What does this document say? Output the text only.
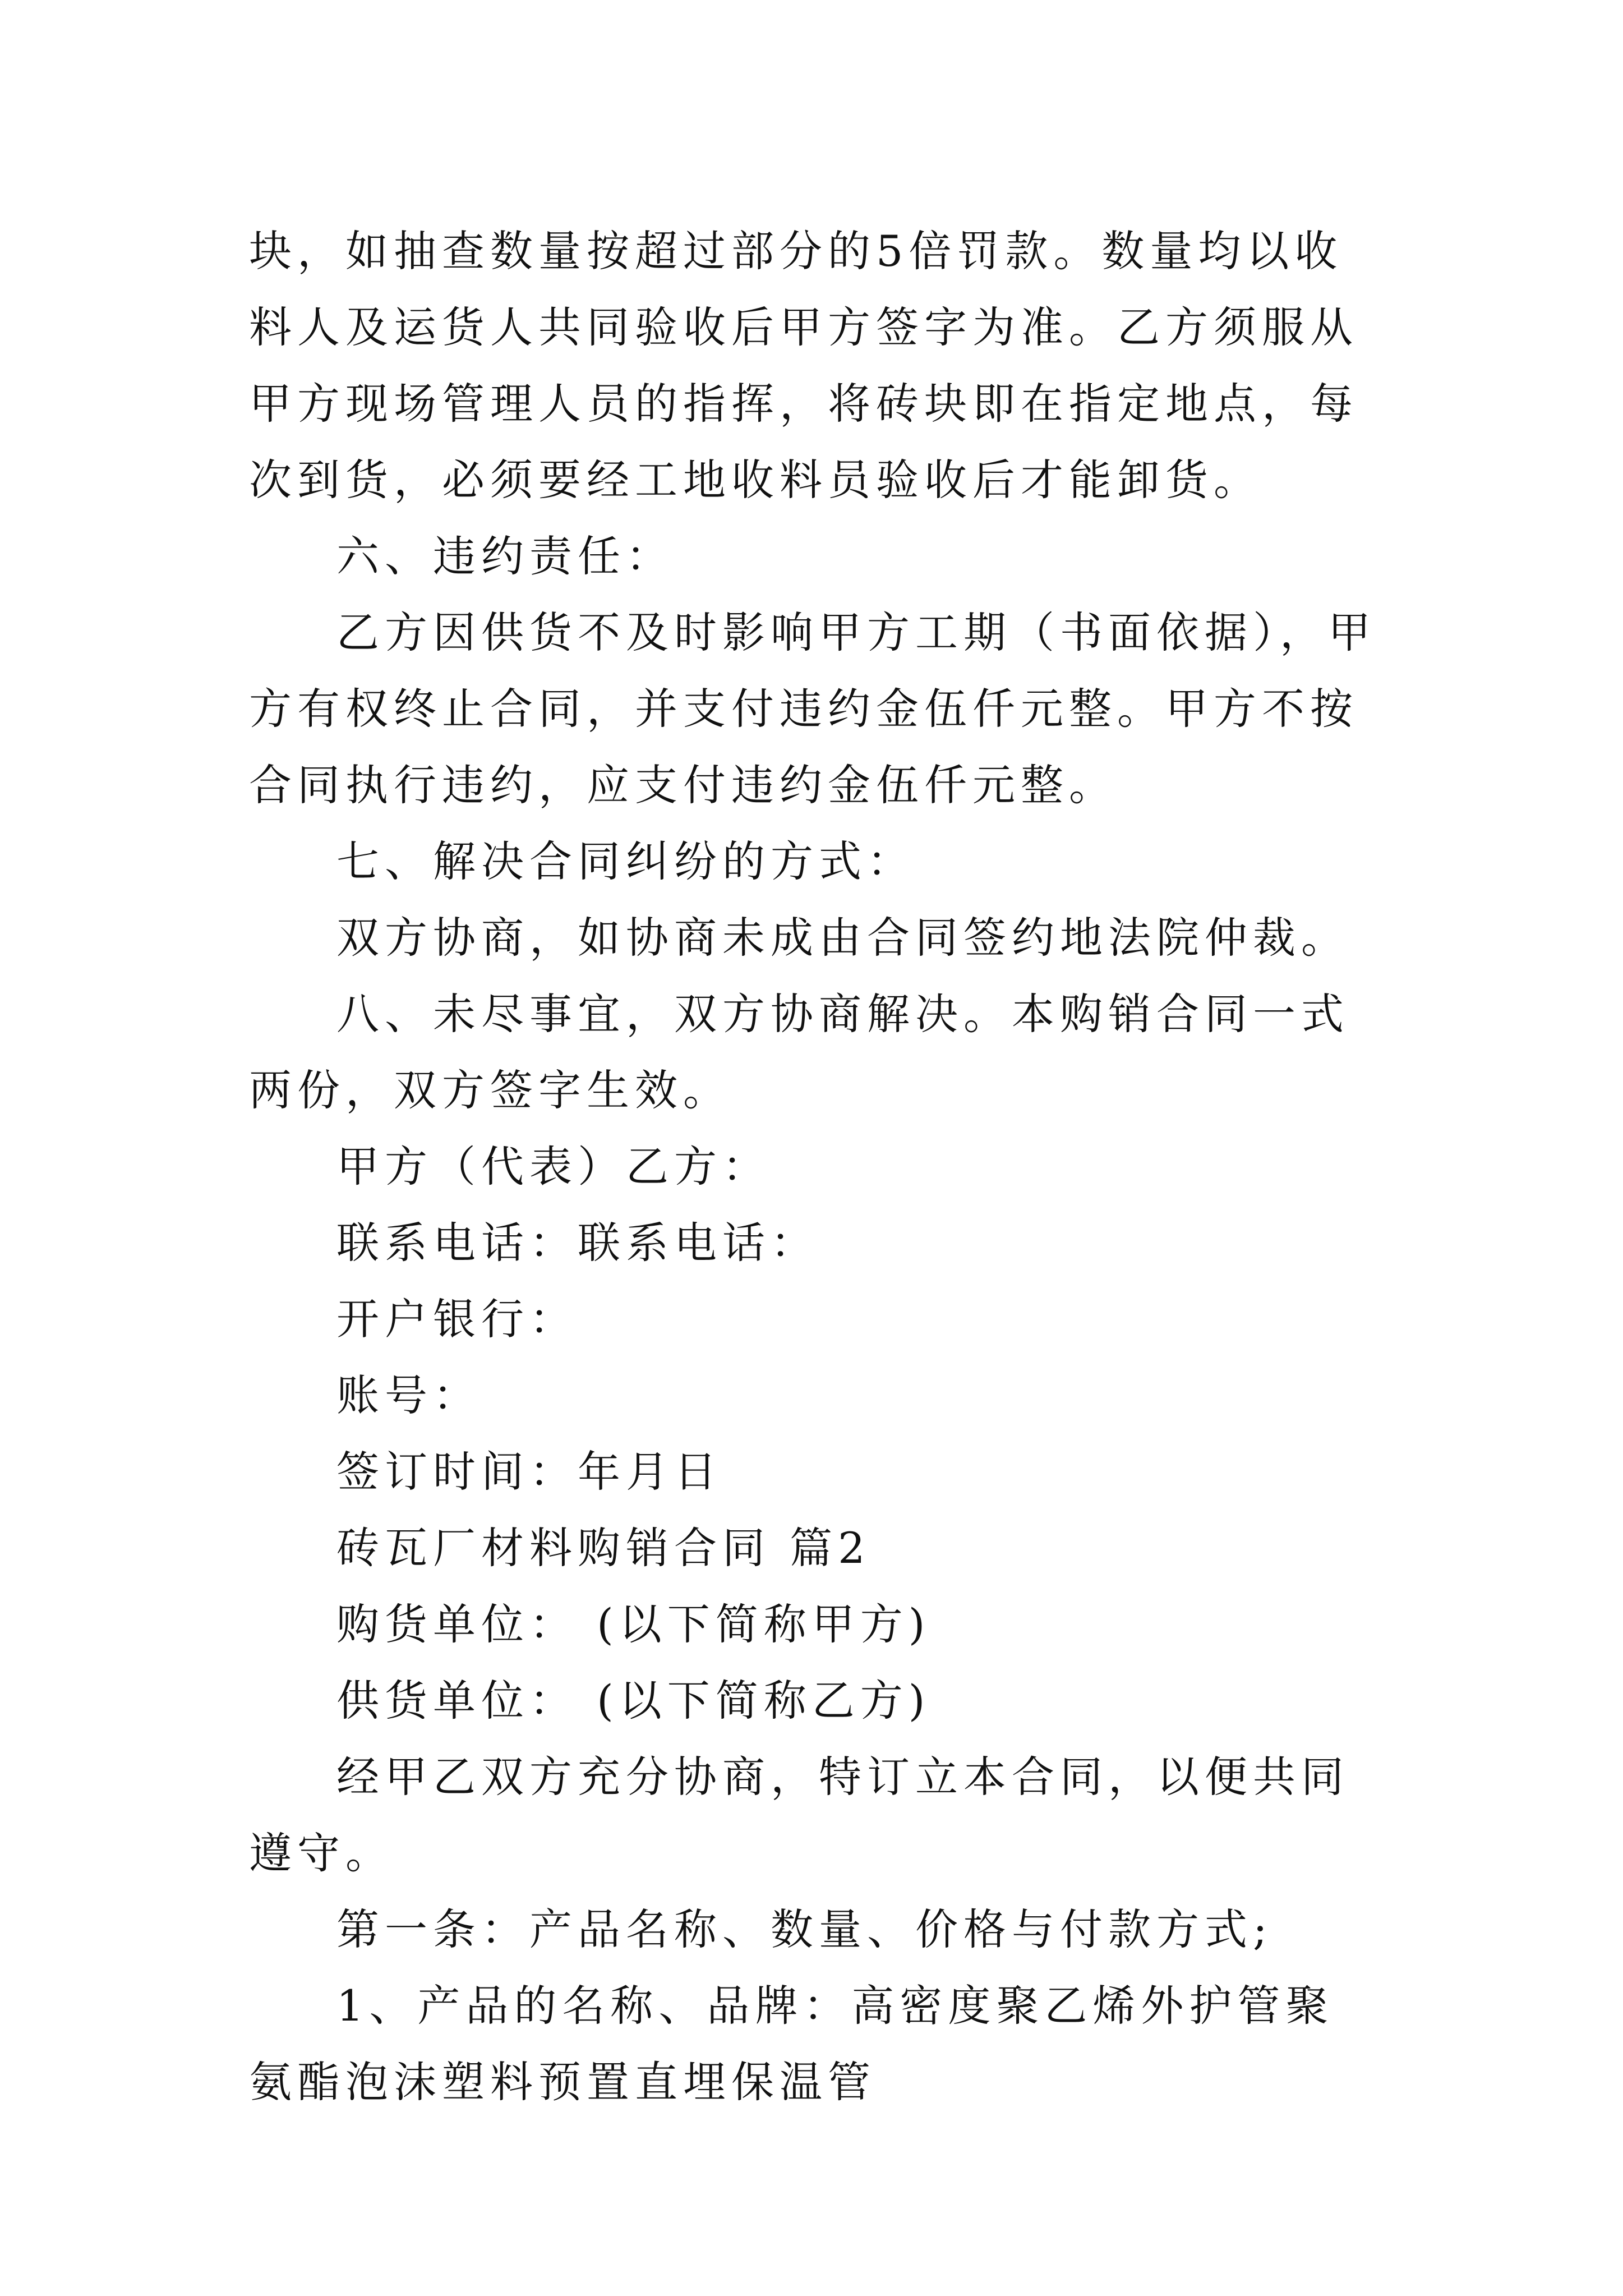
块，如抽查数量按超过部分的5倍罚款。数量均以收料人及运货人共同验收后甲方签字为准。乙方须服从甲方现场管理人员的指挥，将砖块即在指定地点，每次到货，必须要经工地收料员验收后才能卸货。

六、违约责任：

乙方因供货不及时影响甲方工期（书面依据），甲方有权终止合同，并支付违约金伍仟元整。甲方不按合同执行违约，应支付违约金伍仟元整。

七、解决合同纠纷的方式：

双方协商，如协商未成由合同签约地法院仲裁。

八、未尽事宜，双方协商解决。本购销合同一式两份，双方签字生效。

甲方（代表）乙方：

联系电话：联系电话：

开户银行：

账号：

签订时间：年月日

砖瓦厂材料购销合同 篇2

购货单位： (以下简称甲方)

供货单位： (以下简称乙方)

经甲乙双方充分协商，特订立本合同，以便共同遵守。

第一条：产品名称、数量、价格与付款方式;

1、产品的名称、品牌：高密度聚乙烯外护管聚氨酯泡沫塑料预置直埋保温管
